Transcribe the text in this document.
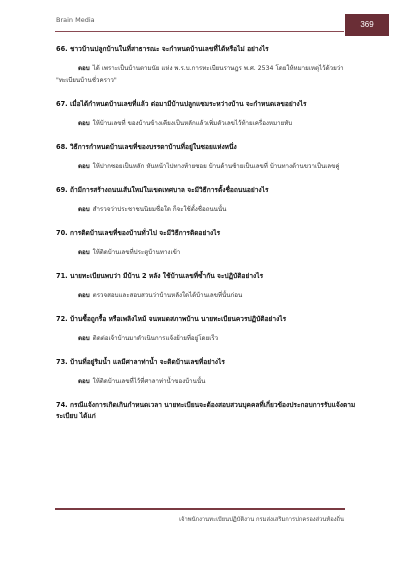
Brain Media	369
66. ชาวบ้านปลูกบ้านในที่สาธารณะ จะกำหนดบ้านเลขที่ได้หรือไม่ อย่างไร
ตอบ ได้ เพราะเป็นบ้านตามนัย แห่ง พ.ร.บ.การทะเบียนราษฎร พ.ศ. 2534 โดยให้หมายเหตุไว้ด้วยว่า "ทะเบียนบ้านชั่วคราว"
67. เมื่อได้กำหนดบ้านเลขที่แล้ว ต่อมามีบ้านปลูกแซมระหว่างบ้าน จะกำหนดเลขอย่างไร
ตอบ ให้บ้านเลขที่ ของบ้านข้างเคียงเป็นหลักแล้วเพิ่มตัวเลขไว้ท้ายเครื่องหมายทับ
68. วิธีการกำหนดบ้านเลขที่ของบรรดาบ้านที่อยู่ในซอยแห่งหนึ่ง
ตอบ ให้ปากซอยเป็นหลัก หันหน้าไปทางท้ายซอย บ้านด้านซ้ายเป็นเลขที่ บ้านทางด้านขวาเป็นเลขคู่
69. ถ้ามีการสร้างถนนเส้นใหม่ในเขตเทศบาล จะมีวิธีการตั้งชื่อถนนอย่างไร
ตอบ สำรวจว่าประชาชนนิยมชื่อใด ก็จะใช้ตั้งชื่อถนนนั้น
70. การติดบ้านเลขที่ของบ้านทั่วไป จะมีวิธีการติดอย่างไร
ตอบ ให้ติดบ้านเลขที่ประตูบ้านทางเข้า
71. นายทะเบียนพบว่า มีบ้าน 2 หลัง ใช้บ้านเลขที่ซ้ำกัน จะปฏิบัติอย่างไร
ตอบ ตรวจสอบและสอบสวนว่าบ้านหลังใดได้บ้านเลขที่นั้นก่อน
72. บ้านซื้อถูกรื้อ หรือเพลิงไหม้ จนหมดสภาพบ้าน นายทะเบียนควรปฏิบัติอย่างไร
ตอบ ติดต่อเจ้าบ้านมาดำเนินการแจ้งย้ายที่อยู่โดยเร็ว
73. บ้านที่อยู่ริมน้ำ แลมีศาลาท่าน้ำ จะติดบ้านเลขที่อย่างไร
ตอบ ให้ติดบ้านเลขที่ไว้ที่ศาลาท่าน้ำของบ้านนั้น
74. กรณีแจ้งการเกิดเกินกำหนดเวลา นายทะเบียนจะต้องสอบสวนบุคคลที่เกี่ยวข้องประกอบการรับแจ้งตามระเบียบ ได้แก่
เจ้าพนักงานทะเบียนปฏิบัติงาน กรมส่งเสริมการปกครองส่วนท้องถิ่น
